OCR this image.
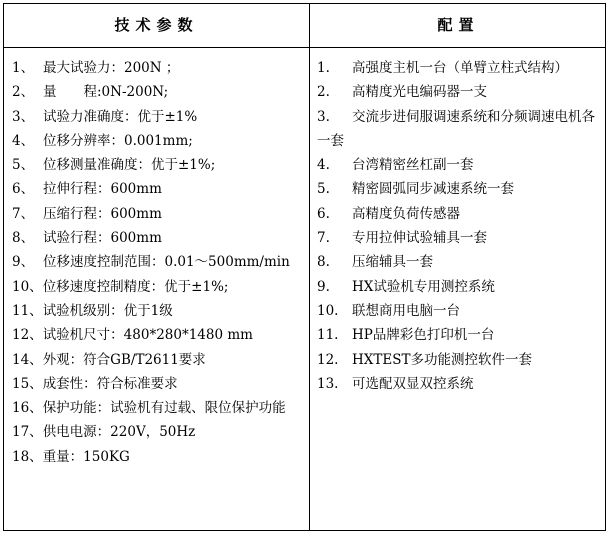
技术参数	配置
1、 最大试验力：200N ；
2、 量　　程:0N-200N;
3、 试验力准确度：优于±1%
4、 位移分辨率：0.001mm;
5、 位移测量准确度：优于±1%;
6、 拉伸行程：600mm
7、 压缩行程：600mm
8、 试验行程：600mm
9、 位移速度控制范围：0.01～500mm/min
10、位移速度控制精度：优于±1%;
11、试验机级别：优于1级
12、试验机尺寸：480*280*1480 mm
14、外观：符合GB/T2611要求
15、成套性：符合标准要求
16、保护功能：试验机有过载、限位保护功能
17、供电电源：220V，50Hz
18、重量：150KG
1. 高强度主机一台（单臂立柱式结构）
2. 高精度光电编码器一支
3. 交流步进伺服调速系统和分频调速电机各一套
4. 台湾精密丝杠副一套
5. 精密圆弧同步减速系统一套
6. 高精度负荷传感器
7. 专用拉伸试验辅具一套
8. 压缩辅具一套
9. HX试验机专用测控系统
10. 联想商用电脑一台
11. HP品牌彩色打印机一台
12. HXTEST多功能测控软件一套
13. 可选配双显双控系统
